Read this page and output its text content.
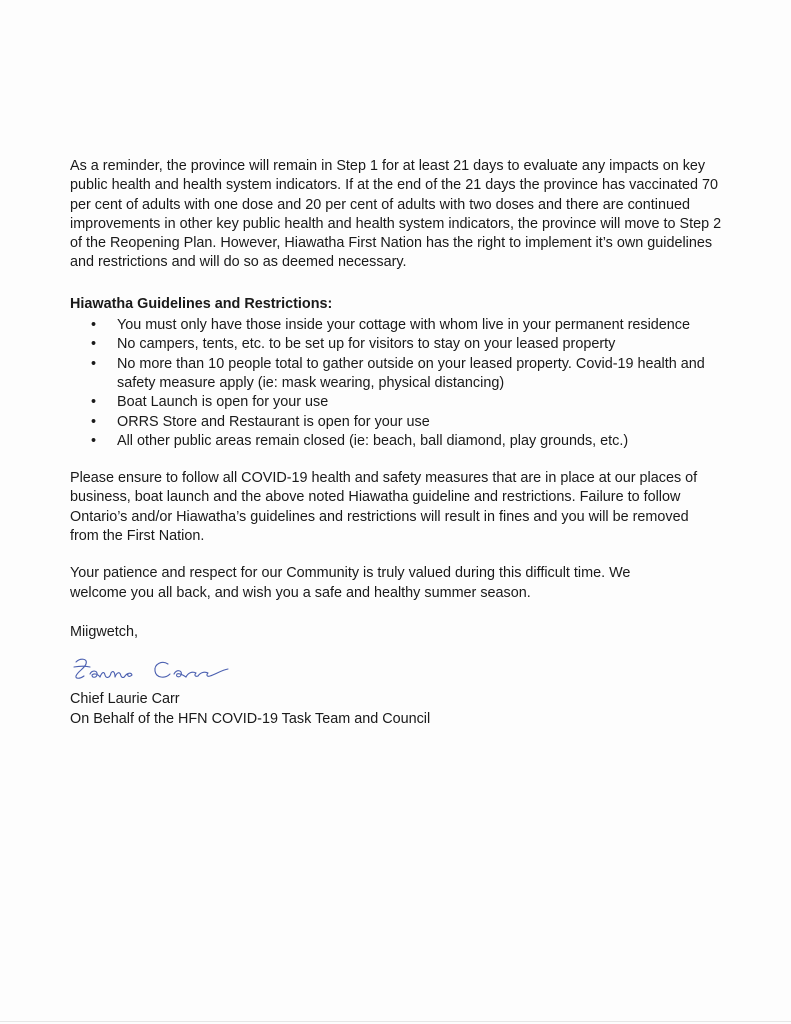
As a reminder, the province will remain in Step 1 for at least 21 days to evaluate any impacts on key public health and health system indicators. If at the end of the 21 days the province has vaccinated 70 per cent of adults with one dose and 20 per cent of adults with two doses and there are continued improvements in other key public health and health system indicators, the province will move to Step 2 of the Reopening Plan. However, Hiawatha First Nation has the right to implement it’s own guidelines and restrictions and will do so as deemed necessary.

Hiawatha Guidelines and Restrictions:

• You must only have those inside your cottage with whom live in your permanent residence
• No campers, tents, etc. to be set up for visitors to stay on your leased property
• No more than 10 people total to gather outside on your leased property. Covid-19 health and safety measure apply (ie: mask wearing, physical distancing)
• Boat Launch is open for your use
• ORRS Store and Restaurant is open for your use
• All other public areas remain closed (ie: beach, ball diamond, play grounds, etc.)

Please ensure to follow all COVID-19 health and safety measures that are in place at our places of business, boat launch and the above noted Hiawatha guideline and restrictions. Failure to follow Ontario’s and/or Hiawatha’s guidelines and restrictions will result in fines and you will be removed from the First Nation.

Your patience and respect for our Community is truly valued during this difficult time. We welcome you all back, and wish you a safe and healthy summer season.

Miigwetch,

Chief Laurie Carr

On Behalf of the HFN COVID-19 Task Team and Council
